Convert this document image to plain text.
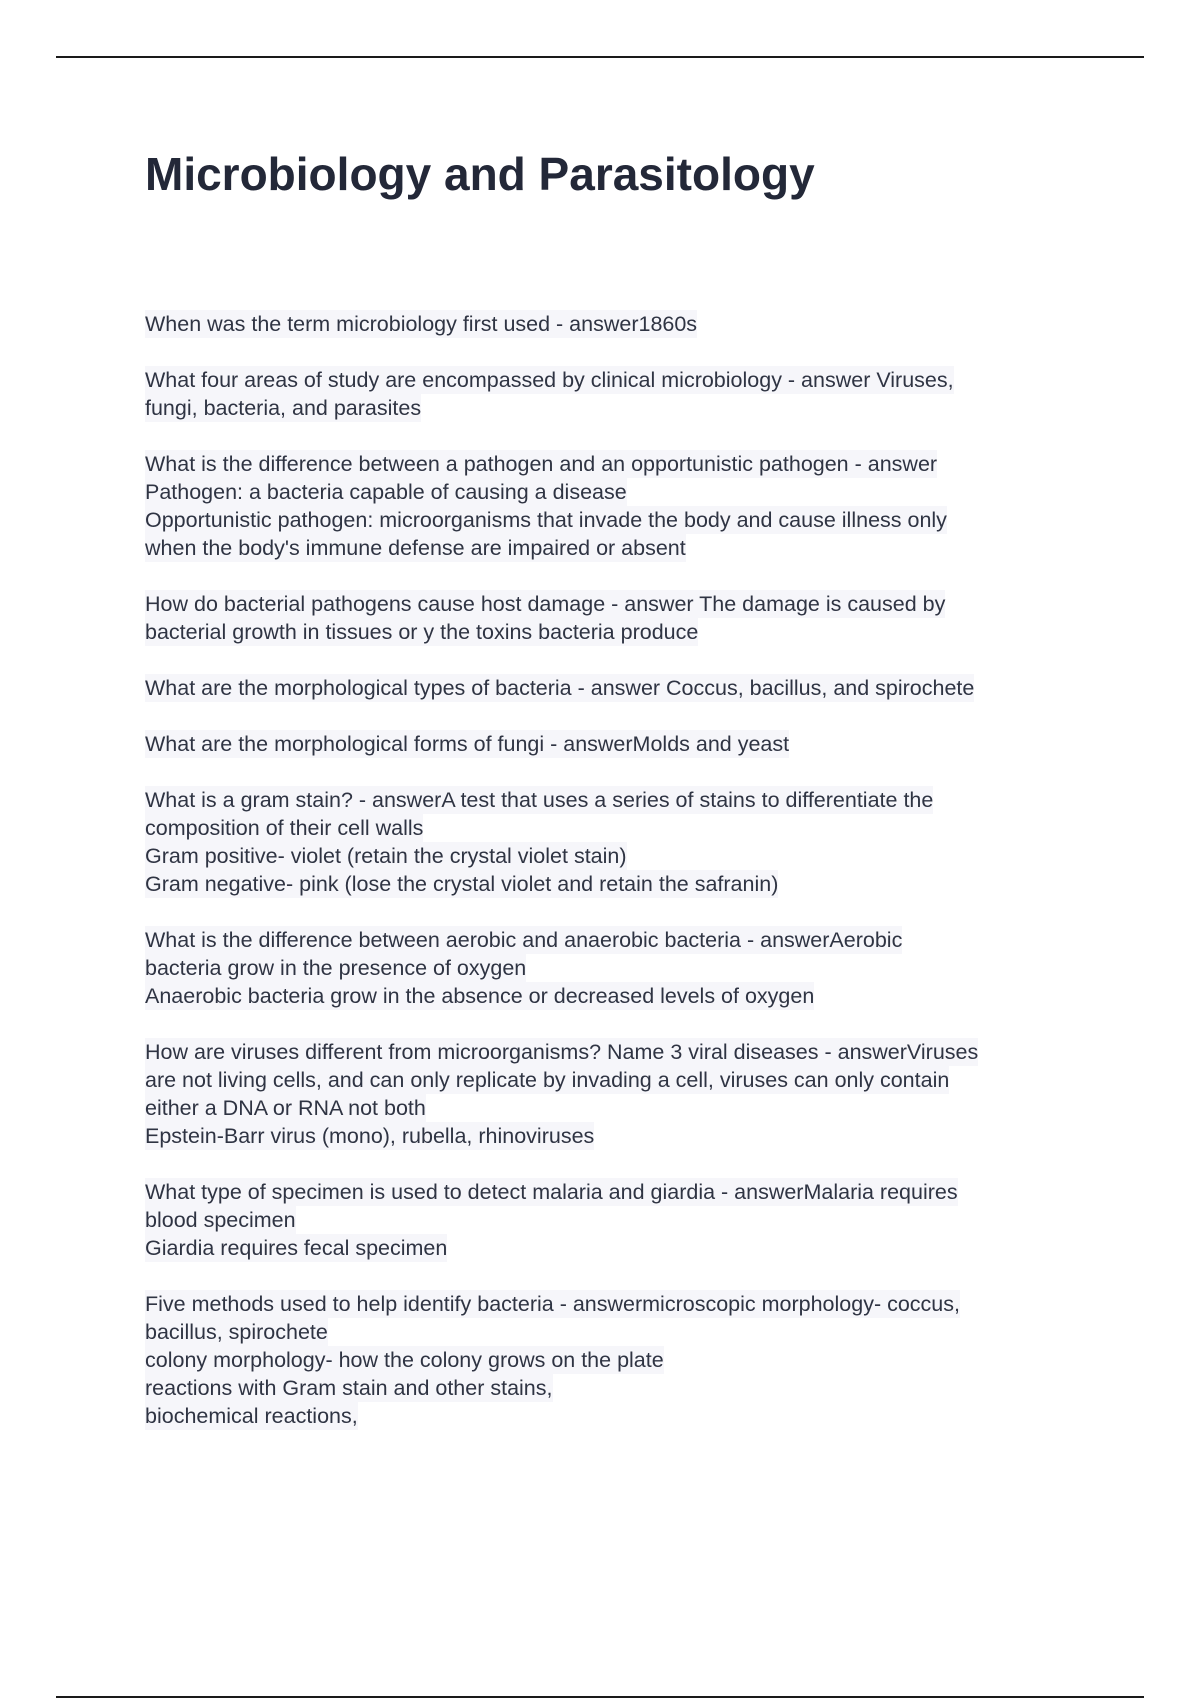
Microbiology and Parasitology
When was the term microbiology first used - answer1860s
What four areas of study are encompassed by clinical microbiology - answer Viruses,
fungi, bacteria, and parasites
What is the difference between a pathogen and an opportunistic pathogen - answer
Pathogen: a bacteria capable of causing a disease
Opportunistic pathogen: microorganisms that invade the body and cause illness only
when the body's immune defense are impaired or absent
How do bacterial pathogens cause host damage - answer The damage is caused by
bacterial growth in tissues or y the toxins bacteria produce
What are the morphological types of bacteria - answer Coccus, bacillus, and spirochete
What are the morphological forms of fungi - answerMolds and yeast
What is a gram stain? - answerA test that uses a series of stains to differentiate the
composition of their cell walls
Gram positive- violet (retain the crystal violet stain)
Gram negative- pink (lose the crystal violet and retain the safranin)
What is the difference between aerobic and anaerobic bacteria - answerAerobic
bacteria grow in the presence of oxygen
Anaerobic bacteria grow in the absence or decreased levels of oxygen
How are viruses different from microorganisms? Name 3 viral diseases - answerViruses
are not living cells, and can only replicate by invading a cell, viruses can only contain
either a DNA or RNA not both
Epstein-Barr virus (mono), rubella, rhinoviruses
What type of specimen is used to detect malaria and giardia - answerMalaria requires
blood specimen
Giardia requires fecal specimen
Five methods used to help identify bacteria - answermicroscopic morphology- coccus,
bacillus, spirochete
colony morphology- how the colony grows on the plate
reactions with Gram stain and other stains,
biochemical reactions,
